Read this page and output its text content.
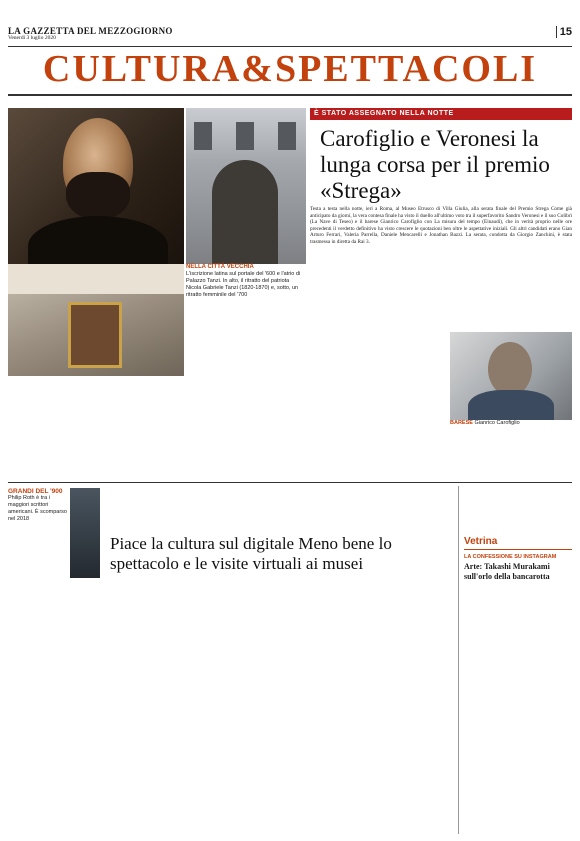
LA GAZZETTA DEL MEZZOGIORNO
Venerdì 3 luglio 2020	15
CULTURA&SPETTACOLI
NELLA CITTÀ VECCHIA
L'iscrizione latina sul portale del '600 e l'atrio di Palazzo Tanzi. In alto, il ritratto del patriota Nicola Gabriele Tanzi (1820-1870) e, sotto, un ritratto femminile del '700
È STATO ASSEGNATO NELLA NOTTE
Carofiglio e Veronesi la lunga corsa per il premio «Strega»
Testa a testa nella notte, ieri a Roma, al Museo Etrusco di Villa Giulia, alla serata finale del Premio Strega Come già anticipato da giorni, la vera contesa finale ha visto il duello all'ultimo voto tra il superfavorito Sandro Veronesi e il suo Colibrì (La Nave di Teseo) e il barese Gianrico Carofiglio con La misura del tempo (Einaudi), che in verità proprio nelle ore precedenti il verdetto definitivo ha visto crescere le quotazioni ben oltre le aspettative iniziali. Gli altri candidati erano Gian Arturo Ferrari, Valeria Parrella, Daniele Mencarelli e Jonathan Bazzi. La serata, condotta da Giorgio Zanchini, è stata trasmessa in diretta da Rai 3.
BARESE Gianrico Carofiglio
GRANDI DEL '900
Philip Roth è tra i maggiori scrittori americani. È scomparso nel 2018
Piace la cultura sul digitale Meno bene lo spettacolo e le visite virtuali ai musei
Vetrina
LA CONFESSIONE SU INSTAGRAM
Arte: Takashi Murakami sull'orlo della bancarotta
